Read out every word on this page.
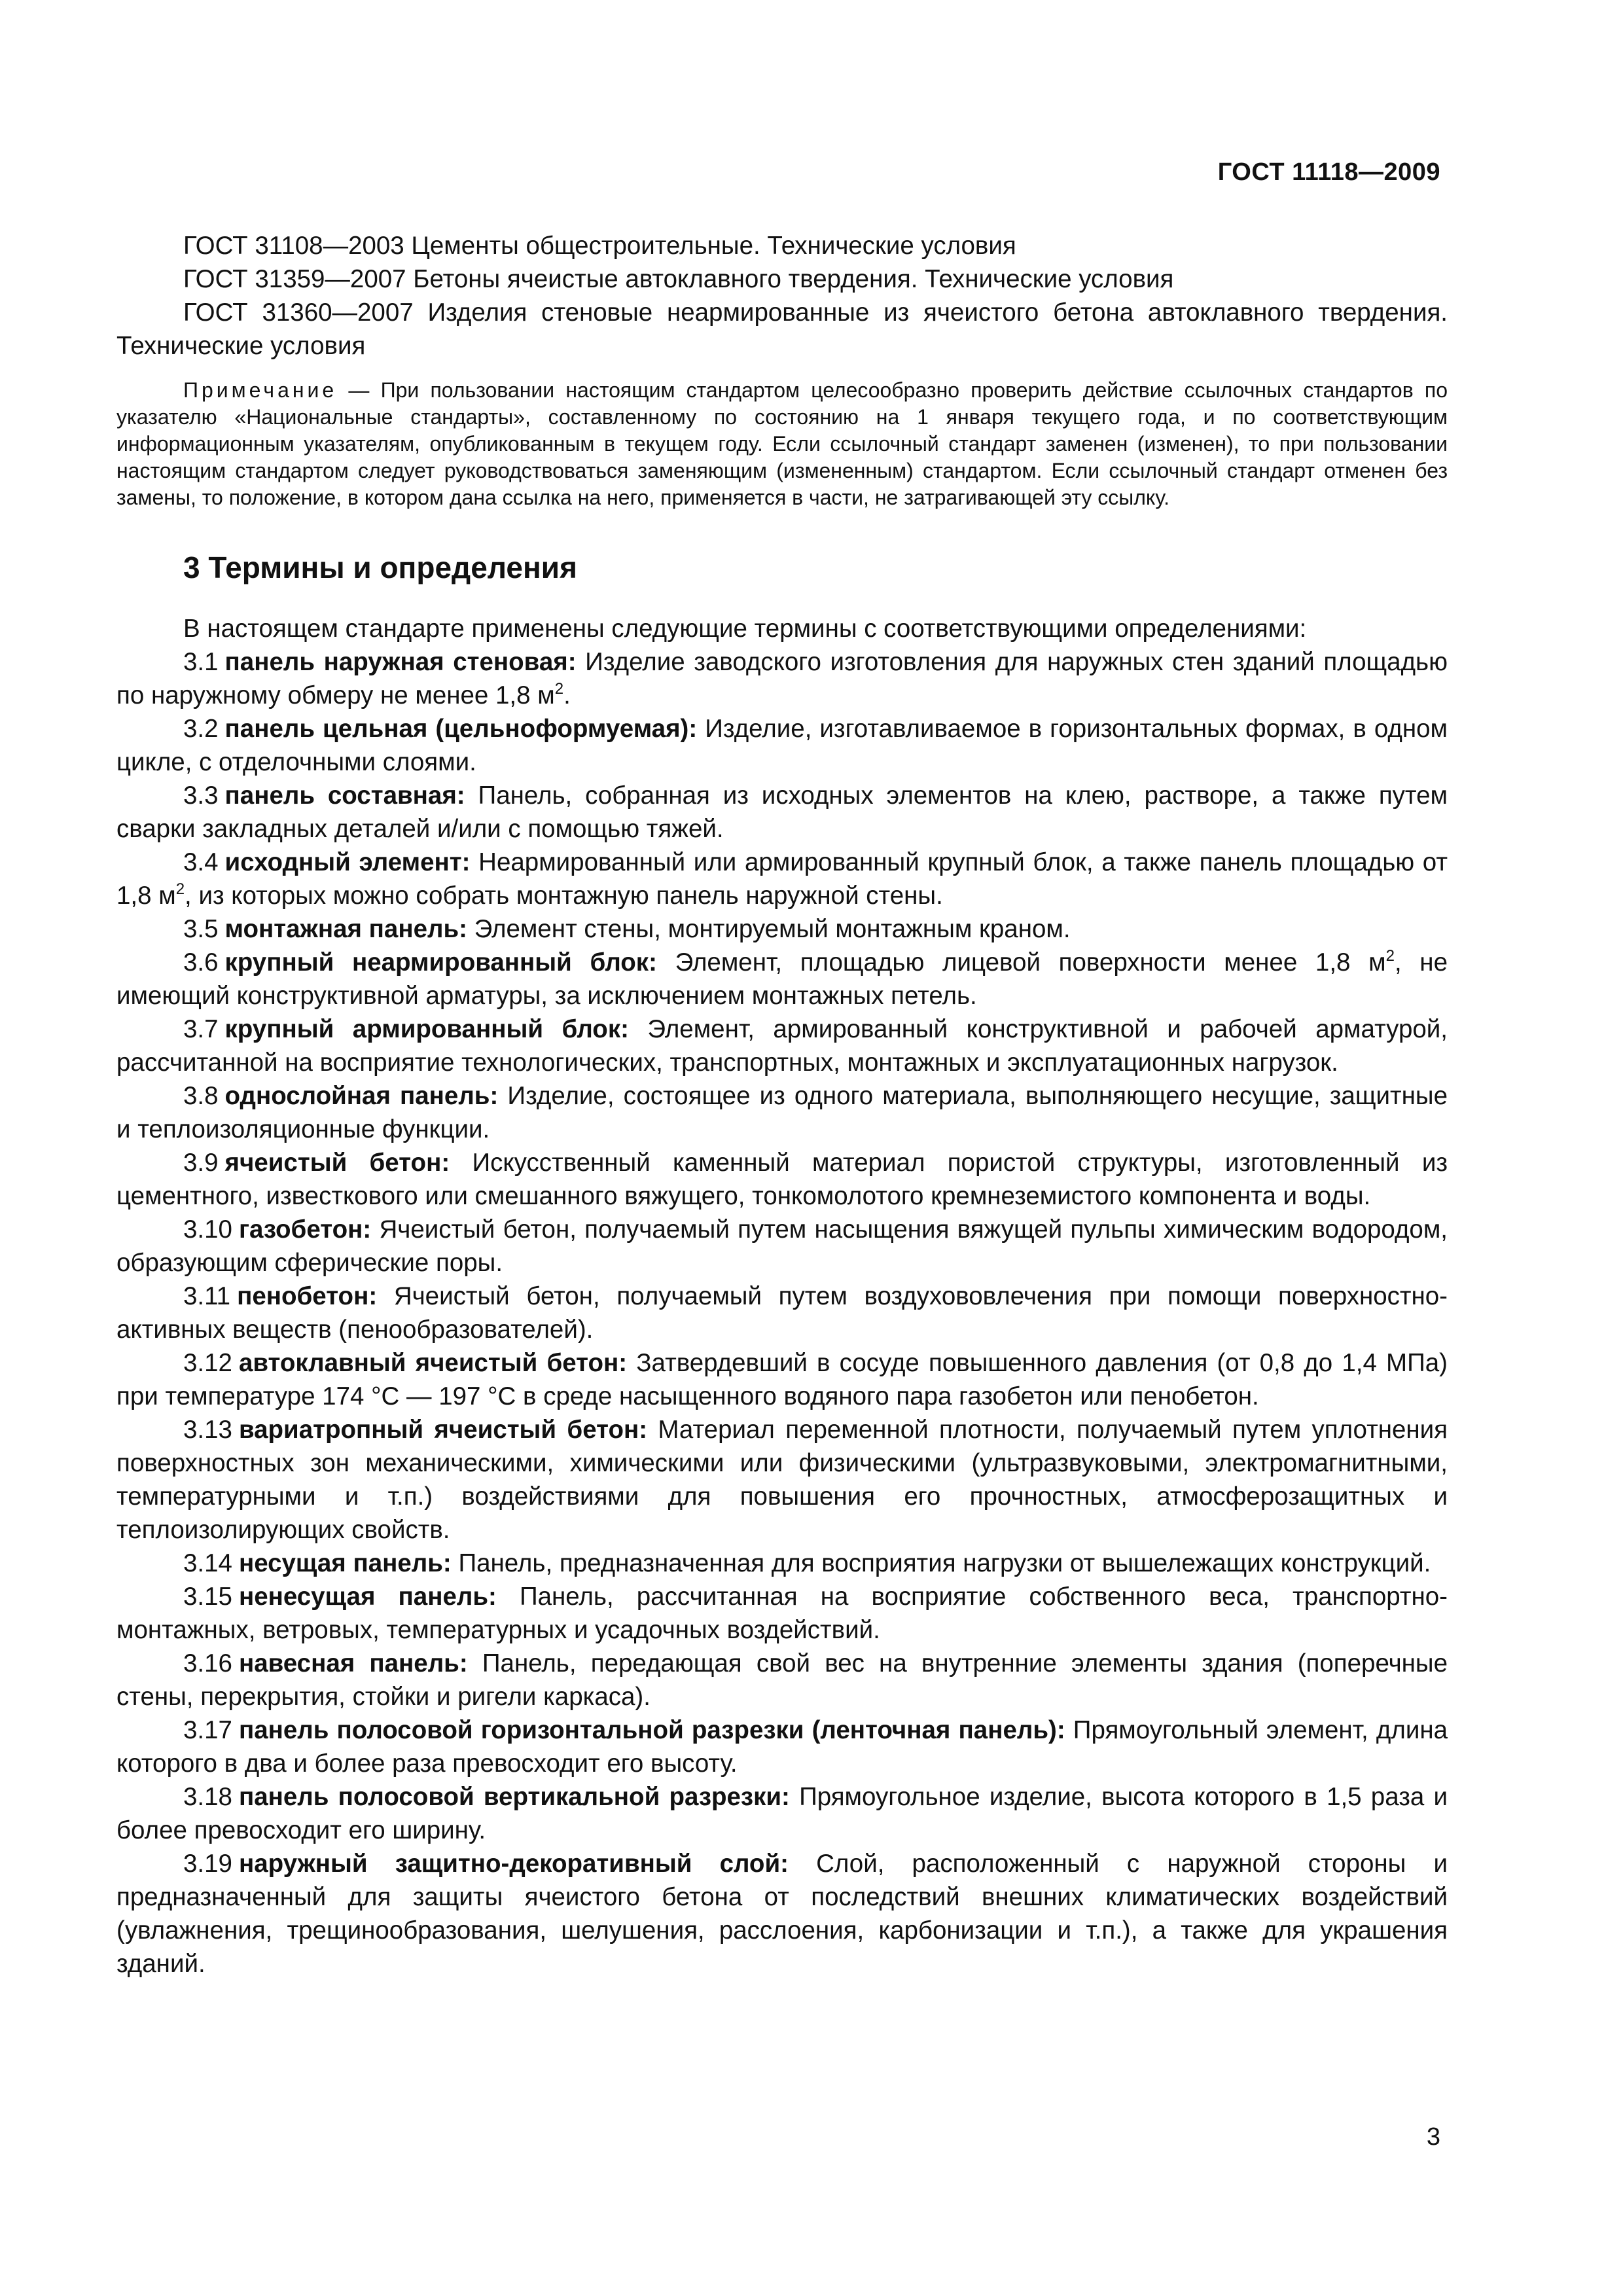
ГОСТ 11118—2009

ГОСТ 31108—2003 Цементы общестроительные. Технические условия

ГОСТ 31359—2007 Бетоны ячеистые автоклавного твердения. Технические условия

ГОСТ 31360—2007 Изделия стеновые неармированные из ячеистого бетона автоклавного твердения. Технические условия

Примечание — При пользовании настоящим стандартом целесообразно проверить действие ссылочных стандартов по указателю «Национальные стандарты», составленному по состоянию на 1 января текущего года, и по соответствующим информационным указателям, опубликованным в текущем году. Если ссылочный стандарт заменен (изменен), то при пользовании настоящим стандартом следует руководствоваться заменяющим (измененным) стандартом. Если ссылочный стандарт отменен без замены, то положение, в котором дана ссылка на него, применяется в части, не затрагивающей эту ссылку.

3 Термины и определения

В настоящем стандарте применены следующие термины с соответствующими определениями:

3.1 панель наружная стеновая: Изделие заводского изготовления для наружных стен зданий площадью по наружному обмеру не менее 1,8 $м^2$.

3.2 панель цельная (цельноформуемая): Изделие, изготавливаемое в горизонтальных формах, в одном цикле, с отделочными слоями.

3.3 панель составная: Панель, собранная из исходных элементов на клею, растворе, а также путем сварки закладных деталей и/или с помощью тяжей.

3.4 исходный элемент: Неармированный или армированный крупный блок, а также панель площадью от 1,8 $м^2$, из которых можно собрать монтажную панель наружной стены.

3.5 монтажная панель: Элемент стены, монтируемый монтажным краном.

3.6 крупный неармированный блок: Элемент, площадью лицевой поверхности менее 1,8 $м^2$, не имеющий конструктивной арматуры, за исключением монтажных петель.

3.7 крупный армированный блок: Элемент, армированный конструктивной и рабочей арматурой, рассчитанной на восприятие технологических, транспортных, монтажных и эксплуатационных нагрузок.

3.8 однослойная панель: Изделие, состоящее из одного материала, выполняющего несущие, защитные и теплоизоляционные функции.

3.9 ячеистый бетон: Искусственный каменный материал пористой структуры, изготовленный из цементного, известкового или смешанного вяжущего, тонкомолотого кремнеземистого компонента и воды.

3.10 газобетон: Ячеистый бетон, получаемый путем насыщения вяжущей пульпы химическим водородом, образующим сферические поры.

3.11 пенобетон: Ячеистый бетон, получаемый путем воздухововлечения при помощи поверхностно-активных веществ (пенообразователей).

3.12 автоклавный ячеистый бетон: Затвердевший в сосуде повышенного давления (от 0,8 до 1,4 МПа) при температуре 174 °С — 197 °С в среде насыщенного водяного пара газобетон или пенобетон.

3.13 вариатропный ячеистый бетон: Материал переменной плотности, получаемый путем уплотнения поверхностных зон механическими, химическими или физическими (ультразвуковыми, электромагнитными, температурными и т.п.) воздействиями для повышения его прочностных, атмосферозащитных и теплоизолирующих свойств.

3.14 несущая панель: Панель, предназначенная для восприятия нагрузки от вышележащих конструкций.

3.15 ненесущая панель: Панель, рассчитанная на восприятие собственного веса, транспортно-монтажных, ветровых, температурных и усадочных воздействий.

3.16 навесная панель: Панель, передающая свой вес на внутренние элементы здания (поперечные стены, перекрытия, стойки и ригели каркаса).

3.17 панель полосовой горизонтальной разрезки (ленточная панель): Прямоугольный элемент, длина которого в два и более раза превосходит его высоту.

3.18 панель полосовой вертикальной разрезки: Прямоугольное изделие, высота которого в 1,5 раза и более превосходит его ширину.

3.19 наружный защитно-декоративный слой: Слой, расположенный с наружной стороны и предназначенный для защиты ячеистого бетона от последствий внешних климатических воздействий (увлажнения, трещинообразования, шелушения, расслоения, карбонизации и т.п.), а также для украшения зданий.

3
